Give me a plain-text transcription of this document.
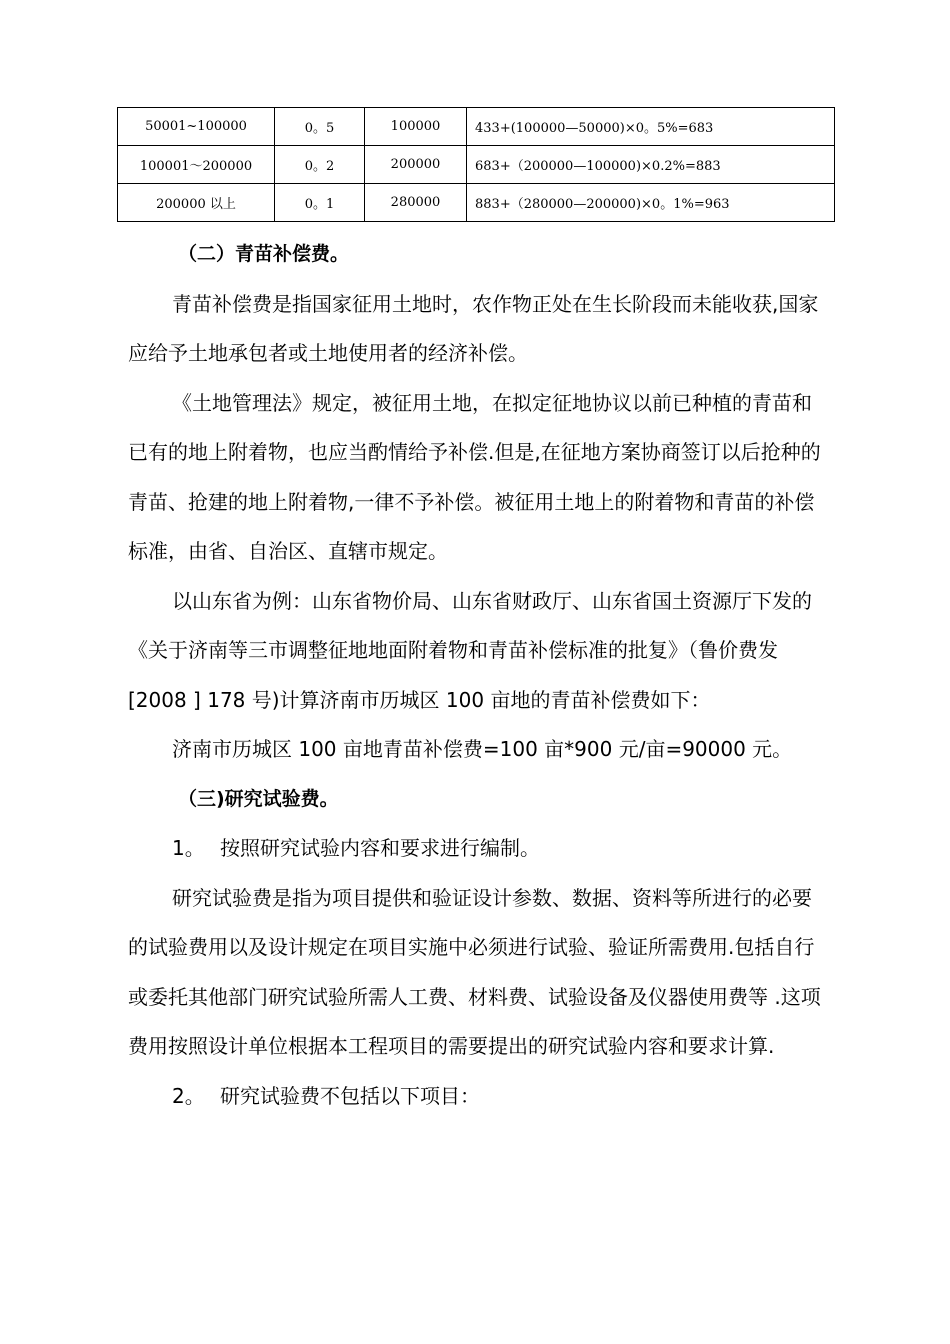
50001~100000	0。5	100000	433+(100000—50000)×0。5%=683
100001～200000	0。2	200000	683+（200000—100000)×0.2%=883
200000 以上	0。1	280000	883+（280000—200000)×0。1%=963

（二）青苗补偿费。

青苗补偿费是指国家征用土地时，农作物正处在生长阶段而未能收获,国家应给予土地承包者或土地使用者的经济补偿。

《土地管理法》规定，被征用土地，在拟定征地协议以前已种植的青苗和已有的地上附着物，也应当酌情给予补偿.但是,在征地方案协商签订以后抢种的青苗、抢建的地上附着物,一律不予补偿。被征用土地上的附着物和青苗的补偿标准，由省、自治区、直辖市规定。

以山东省为例：山东省物价局、山东省财政厅、山东省国土资源厅下发的《关于济南等三市调整征地地面附着物和青苗补偿标准的批复》（鲁价费发[2008 ] 178 号)计算济南市历城区 100 亩地的青苗补偿费如下：

济南市历城区 100 亩地青苗补偿费=100 亩*900 元/亩=90000 元。

（三)研究试验费。

1。 按照研究试验内容和要求进行编制。

研究试验费是指为项目提供和验证设计参数、数据、资料等所进行的必要的试验费用以及设计规定在项目实施中必须进行试验、验证所需费用.包括自行或委托其他部门研究试验所需人工费、材料费、试验设备及仪器使用费等 .这项费用按照设计单位根据本工程项目的需要提出的研究试验内容和要求计算.

2。 研究试验费不包括以下项目：
